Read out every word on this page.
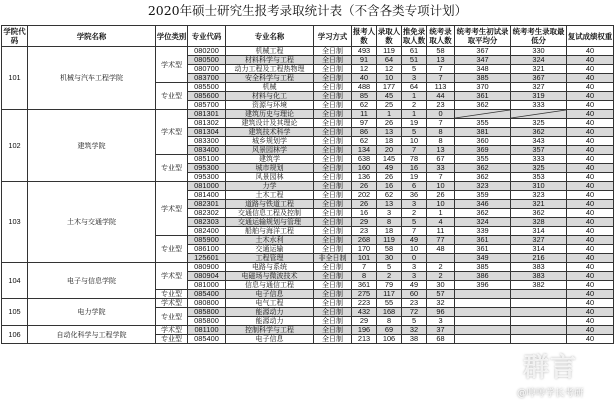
2020年硕士研究生报考录取统计表（不含各类专项计划）
学院代码	学院名称	学位类别	专业代码	专业名称	学习方式	报考人数	录取人数	推免录取人数	统考录取人数	统考考生初试录取平均分	统考考生录取最低分	复试成绩权重
101	机械与汽车工程学院	学术型	080200	机械工程	全日制	493	119	61	58	367	330	40
			080500	材料科学与工程	全日制	91	64	51	13	347	324	40
			080700	动力工程及工程热物理	全日制	12	12	5	7	348	321	40
			083700	安全科学与工程	全日制	40	10	3	7	385	367	40
		专业型	085500	机械	全日制	488	177	64	113	370	327	40
			085600	材料与化工	全日制	85	45	1	44	361	319	40
			085700	资源与环境	全日制	62	25	2	23	362	333	40
102	建筑学院	学术型	081301	建筑历史与理论	全日制	11	1	1	0			40
			081302	建筑设计及其理论	全日制	97	26	19	7	355	325	40
			081304	建筑技术科学	全日制	86	13	5	8	381	362	40
			083300	城乡规划学	全日制	62	18	10	8	360	343	40
			083400	风景园林学	全日制	134	20	7	13	369	357	40
		专业型	085100	建筑学	全日制	638	145	78	67	355	333	40
			095300	城市规划	全日制	160	49	16	33	362	325	40
			095300	风景园林	全日制	136	26	19	7	362	353	40
103	土木与交通学院	学术型	081000	力学	全日制	26	16	6	10	323	310	40
			081400	土木工程	全日制	202	62	36	26	359	323	40
			082301	道路与铁道工程	全日制	26	13	3	10	346	321	40
			082302	交通信息工程及控制	全日制	16	3	2	1	362	362	40
			082303	交通运输规划与管理	全日制	29	8	5	4	324	328	40
			082400	船舶与海洋工程	全日制	23	18	7	11	339	314	40
		专业型	085900	土木水利	全日制	268	119	49	77	361	327	40
			086100	交通运输	全日制	170	58	10	48	361	314	40
			125601	工程管理	非全日制	101	30	0		349	216	40
104	电子与信息学院	学术型	080900	电路与系统	全日制	7	5	3	2	385	383	40
			080904	电磁场与微波技术	全日制	8	2	3	2	386	383	40
			081000	信息与通信工程	全日制	361	79	49	30	396	382	40
		专业型	085400	电子信息	全日制	275	117	60	57			40
105	电力学院	学术型	080800	电气工程	全日制	223	55	23	32			40
		专业型	085800	能源动力	全日制	432	168	72	96			40
			085800	能源动力	全日制	29	8	5	3			40
106	自动化科学与工程学院	学术型	081100	控制科学与工程	全日制	196	69	32	37			40
		专业型	085400	电子信息	全日制	213	106	38	68			40
群言
@哼哼学长考研
